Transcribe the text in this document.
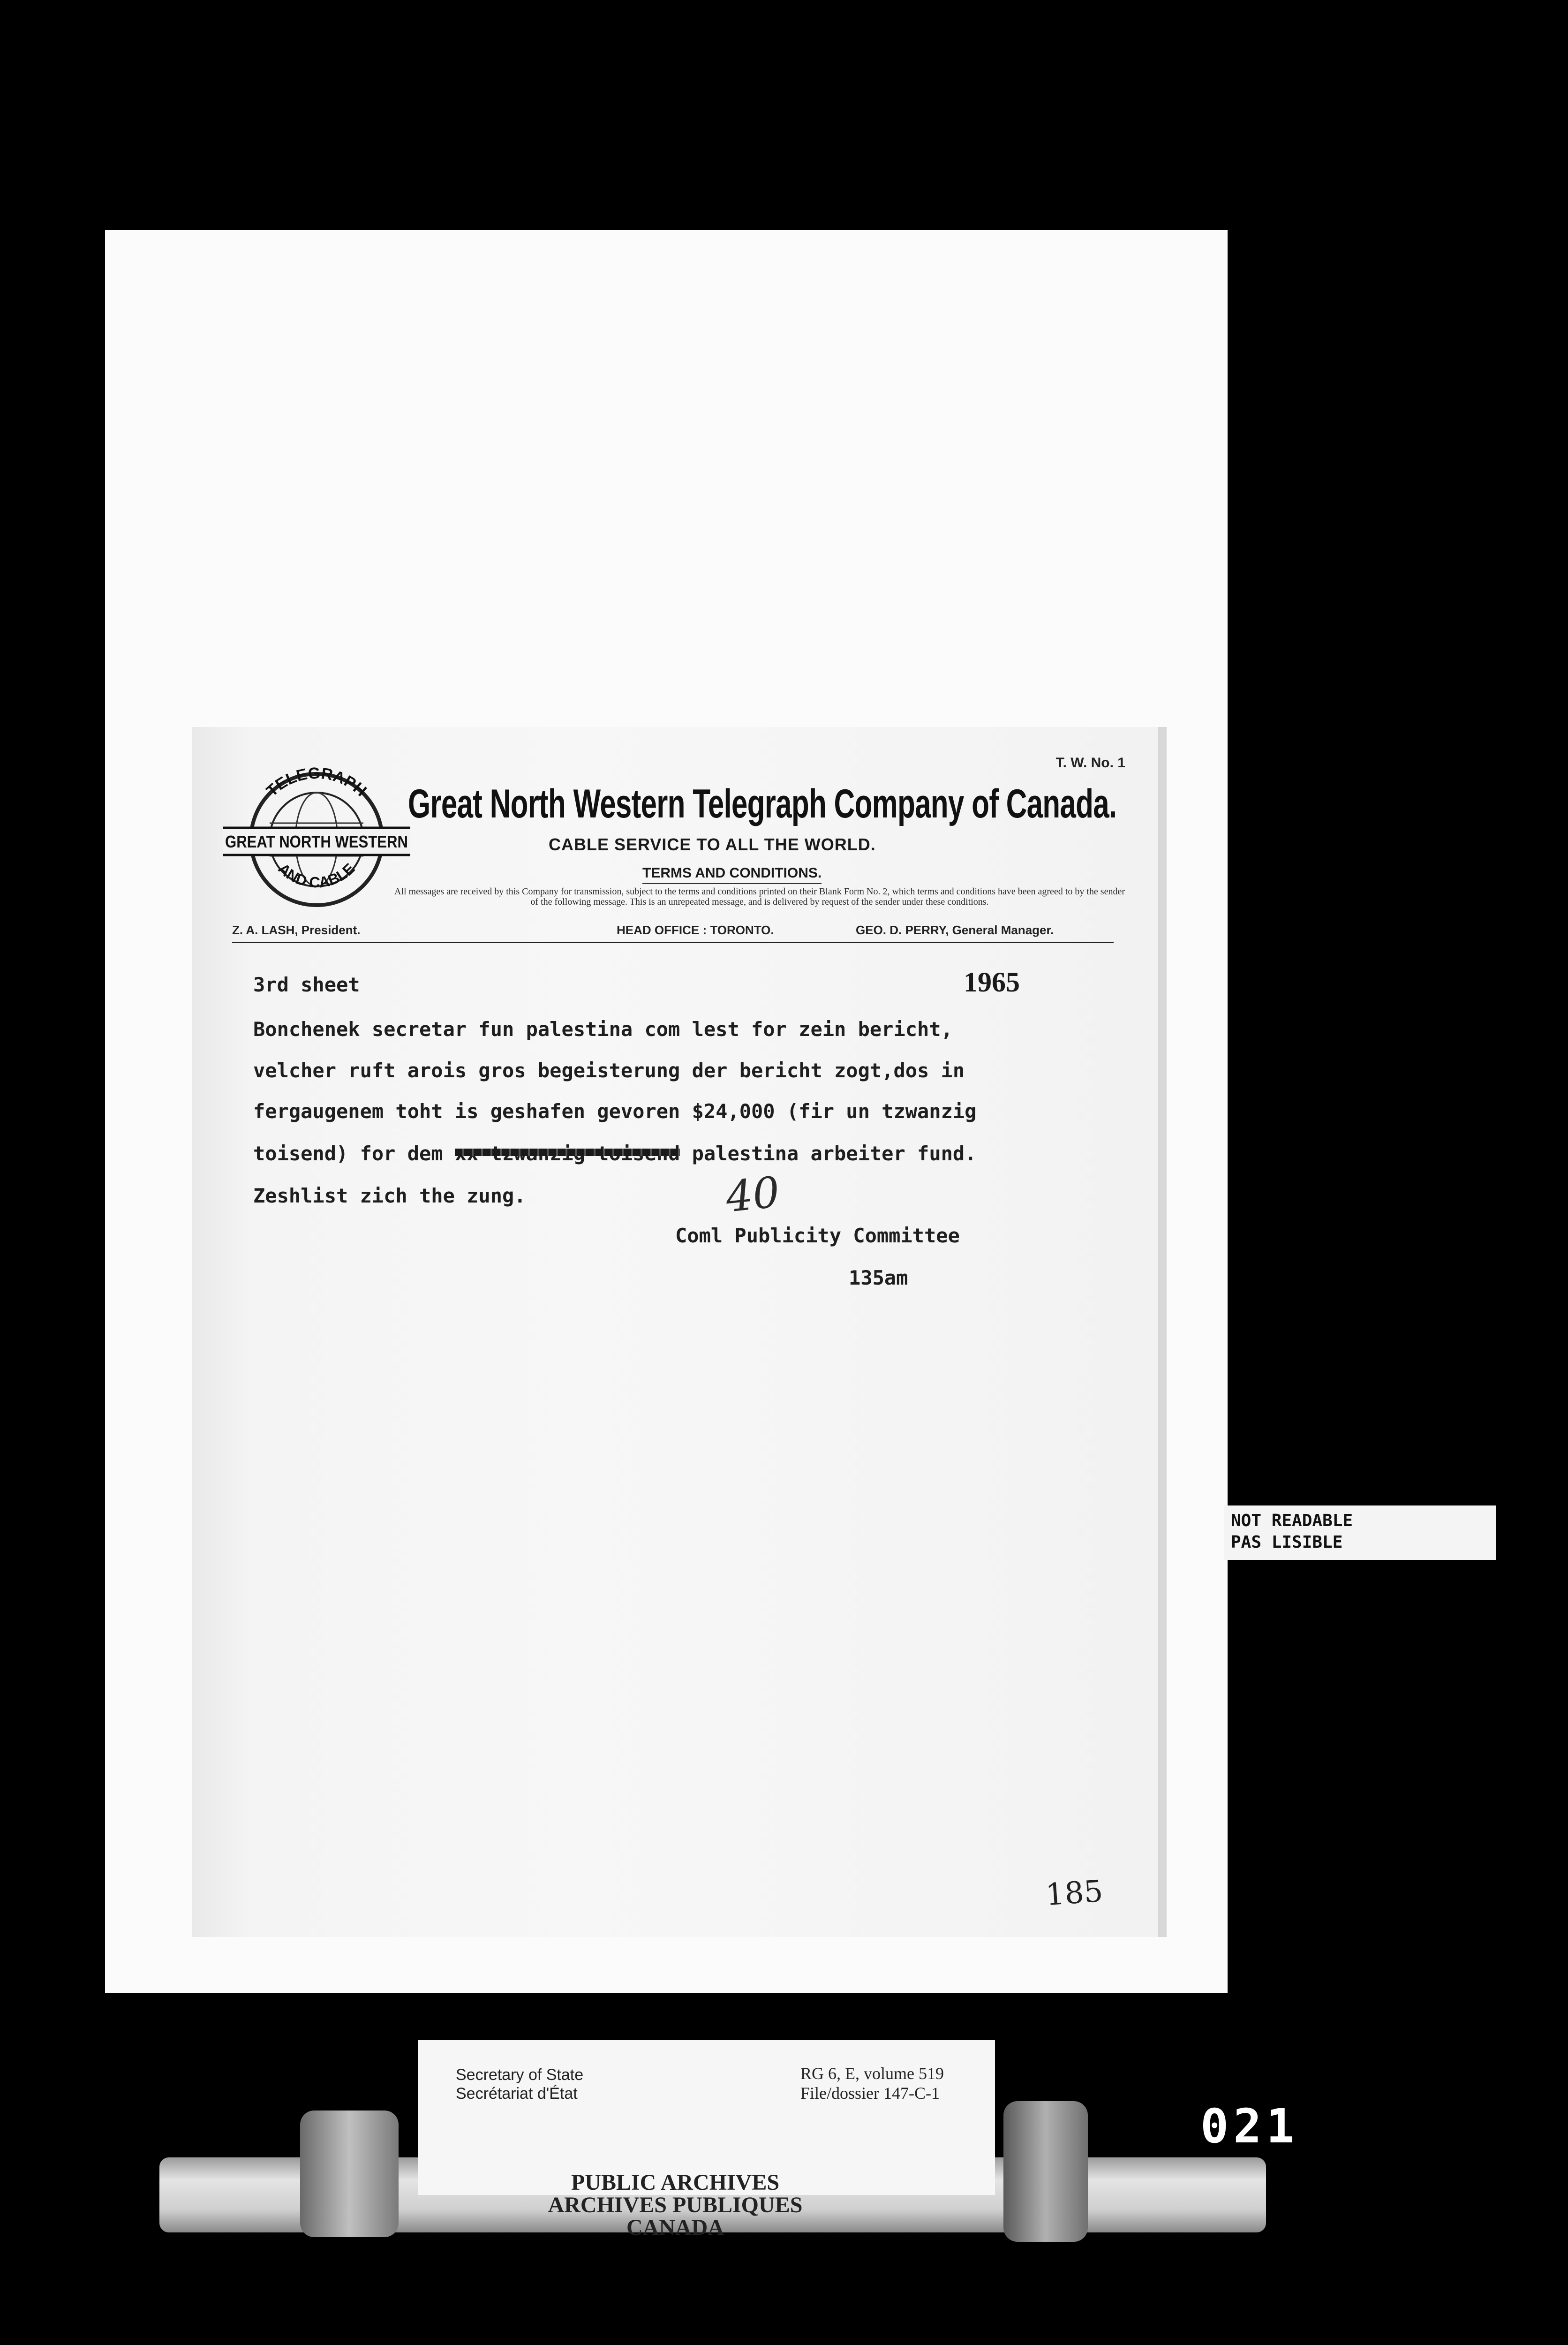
T. W. No. 1
TELEGRAPH
GREAT NORTH WESTERN
AND CABLE
Great North Western Telegraph Company of Canada.
CABLE SERVICE TO ALL THE WORLD.
TERMS AND CONDITIONS.
All messages are received by this Company for transmission, subject to the terms and conditions printed on their Blank Form No. 2, which terms and conditions have been agreed to by the sender of the following message. This is an unrepeated message, and is delivered by request of the sender under these conditions.
Z. A. LASH, President.	HEAD OFFICE : TORONTO.	GEO. D. PERRY, General Manager.
3rd sheet	1965
Bonchenek secretar fun palestina com lest for zein bericht,
velcher ruft arois gros begeisterung der bericht zogt,dos in
fergaugenem toht is geshafen gevoren $24,000 (fir un tzwanzig
toisend) for dem	palestina arbeiter fund.
Zeshlist zich the zung.	40
Coml Publicity Committee
135am
185
NOT READABLE
PAS LISIBLE
Secretary of State
Secrétariat d'État
RG 6, E, volume 519
File/dossier 147-C-1
PUBLIC ARCHIVES
ARCHIVES PUBLIQUES
CANADA
021
